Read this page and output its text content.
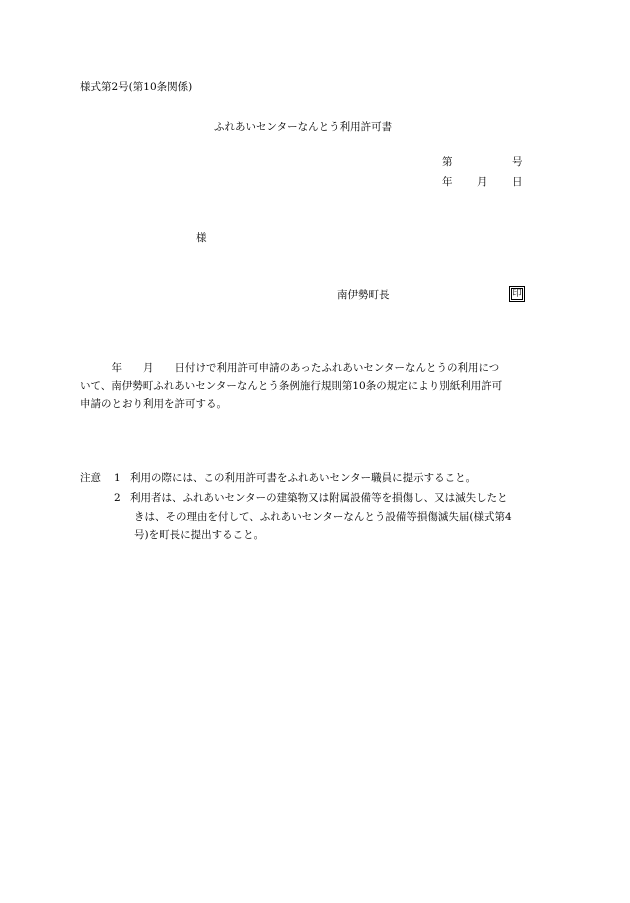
様式第2号(第10条関係)
ふれあいセンターなんとう利用許可書
第	号
年 月 日
様
南伊勢町長	印
　　　年　　月　　日付けで利用許可申請のあったふれあいセンターなんとうの利用につ
いて、南伊勢町ふれあいセンターなんとう条例施行規則第10条の規定により別紙利用許可
申請のとおり利用を許可する。
注意 1 利用の際には、この利用許可書をふれあいセンター職員に提示すること。
2 利用者は、ふれあいセンターの建築物又は附属設備等を損傷し、又は滅失したと
きは、その理由を付して、ふれあいセンターなんとう設備等損傷滅失届(様式第4
号)を町長に提出すること。
